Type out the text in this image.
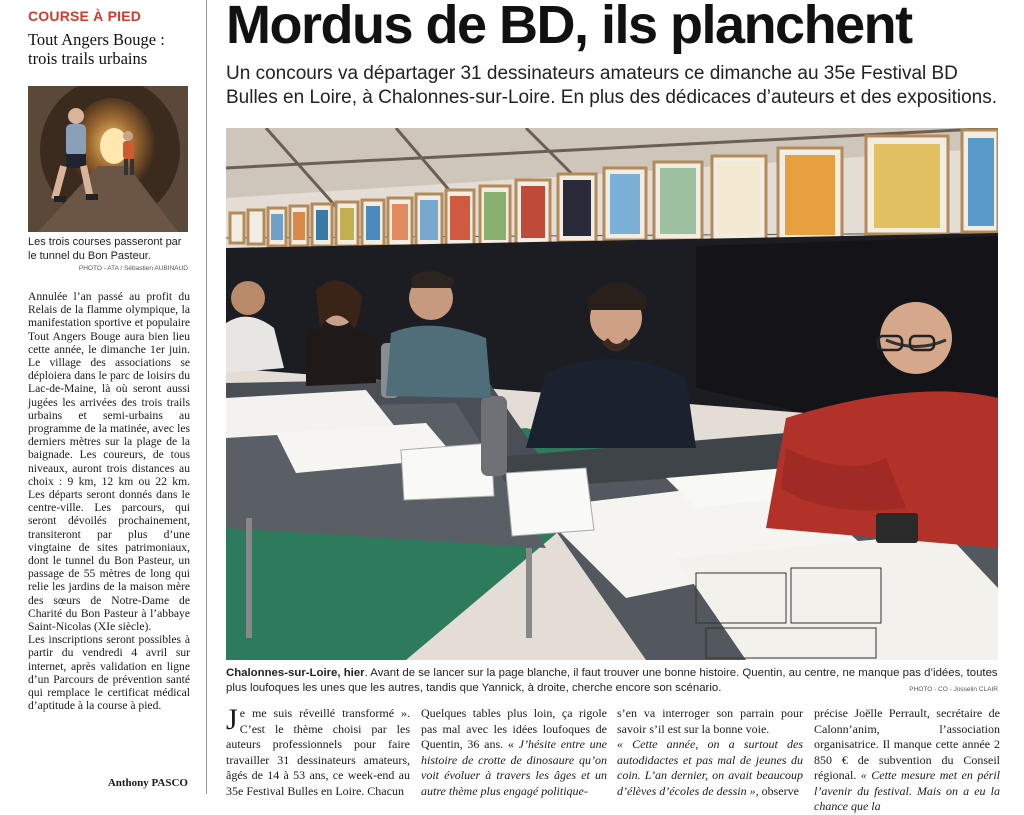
COURSE À PIED
Tout Angers Bouge : trois trails urbains
Les trois courses passeront par le tunnel du Bon Pasteur.
PHOTO - ATA / Sébastien AUBINAUD

Annulée l’an passé au profit du Relais de la flamme olympique, la manifestation sportive et populaire Tout Angers Bouge aura bien lieu cette année, le dimanche 1er juin. Le village des associations se déploiera dans le parc de loisirs du Lac-de-Maine, là où seront aussi jugées les arrivées des trois trails urbains et semi-urbains au programme de la matinée, avec les derniers mètres sur la plage de la baignade. Les coureurs, de tous niveaux, auront trois distances au choix : 9 km, 12 km ou 22 km. Les départs seront donnés dans le centre-ville. Les parcours, qui seront dévoilés prochainement, transiteront par plus d’une vingtaine de sites patrimoniaux, dont le tunnel du Bon Pasteur, un passage de 55 mètres de long qui relie les jardins de la maison mère des sœurs de Notre-Dame de Charité du Bon Pasteur à l’abbaye Saint-Nicolas (XIe siècle).

Les inscriptions seront possibles à partir du vendredi 4 avril sur internet, après validation en ligne d’un Parcours de prévention santé qui remplace le certificat médical d’aptitude à la course à pied.

Anthony PASCO
Mordus de BD, ils planchent
Un concours va départager 31 dessinateurs amateurs ce dimanche au 35e Festival BD Bulles en Loire, à Chalonnes-sur-Loire. En plus des dédicaces d’auteurs et des expositions.
Chalonnes-sur-Loire, hier. Avant de se lancer sur la page blanche, il faut trouver une bonne histoire. Quentin, au centre, ne manque pas d’idées, toutes plus loufoques les unes que les autres, tandis que Yannick, à droite, cherche encore son scénario.	PHOTO - CO - Josselin CLAIR

Je me suis réveillé transformé ». C’est le thème choisi par les auteurs professionnels pour faire travailler 31 dessinateurs amateurs, âgés de 14 à 53 ans, ce week-end au 35e Festival Bulles en Loire. Chacun

Quelques tables plus loin, ça rigole pas mal avec les idées loufoques de Quentin, 36 ans. « J’hésite entre une histoire de crotte de dinosaure qu’on voit évoluer à travers les âges et un autre thème plus engagé politique-

s’en va interroger son parrain pour savoir s’il est sur la bonne voie.

« Cette année, on a surtout des autodidactes et pas mal de jeunes du coin. L’an dernier, on avait beaucoup d’élèves d’écoles de dessin », observe

précise Joëlle Perrault, secrétaire de Calonn’anim, l’association organisatrice. Il manque cette année 2 850 € de subvention du Conseil régional. « Cette mesure met en péril l’avenir du festival. Mais on a eu la chance que la
